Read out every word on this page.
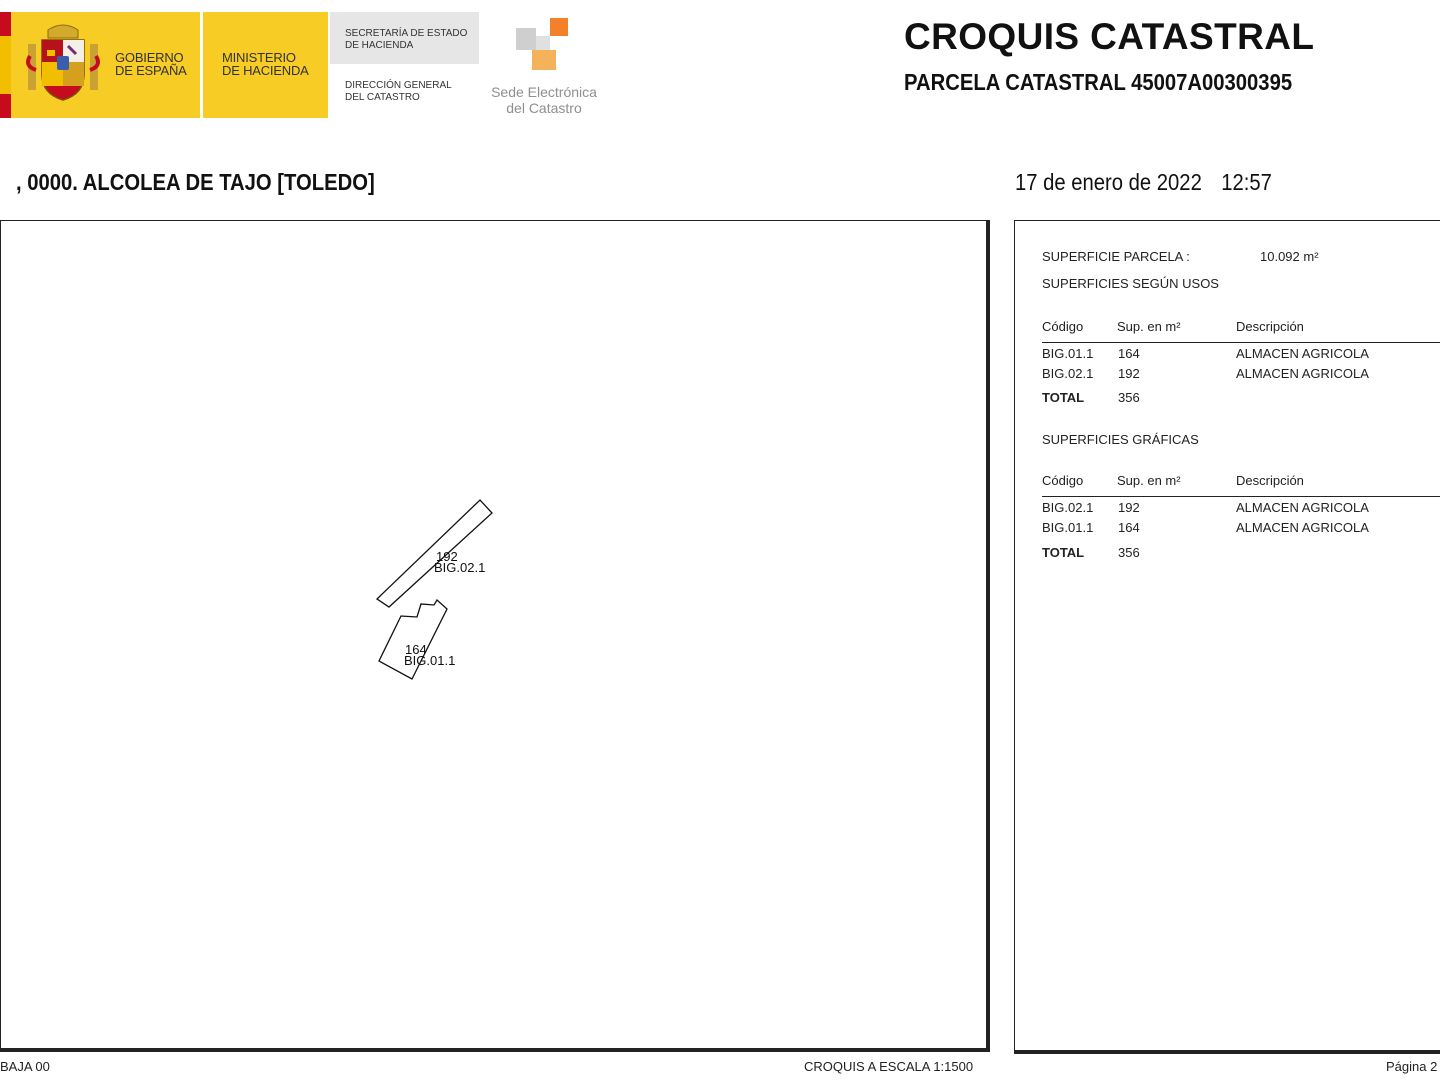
GOBIERNO
DE ESPAÑA
MINISTERIO
DE HACIENDA
SECRETARÍA DE ESTADO
DE HACIENDA
DIRECCIÓN GENERAL
DEL CATASTRO	Sede Electrónica
del Catastro
CROQUIS CATASTRAL
PARCELA CATASTRAL 45007A00300395
, 0000. ALCOLEA DE TAJO [TOLEDO]	17 de enero de 2022 12:57
192
BIG.02.1
164
BIG.01.1
SUPERFICIE PARCELA :	10.092 m²
SUPERFICIES SEGÚN USOS
Código	Sup. en m²	Descripción
BIG.01.1 164	ALMACEN AGRICOLA
BIG.02.1 192	ALMACEN AGRICOLA
TOTAL	356
SUPERFICIES GRÁFICAS
Código	Sup. en m²	Descripción
BIG.02.1 192	ALMACEN AGRICOLA
BIG.01.1 164	ALMACEN AGRICOLA
TOTAL	356
BAJA 00	CROQUIS A ESCALA 1:1500	Página 2
